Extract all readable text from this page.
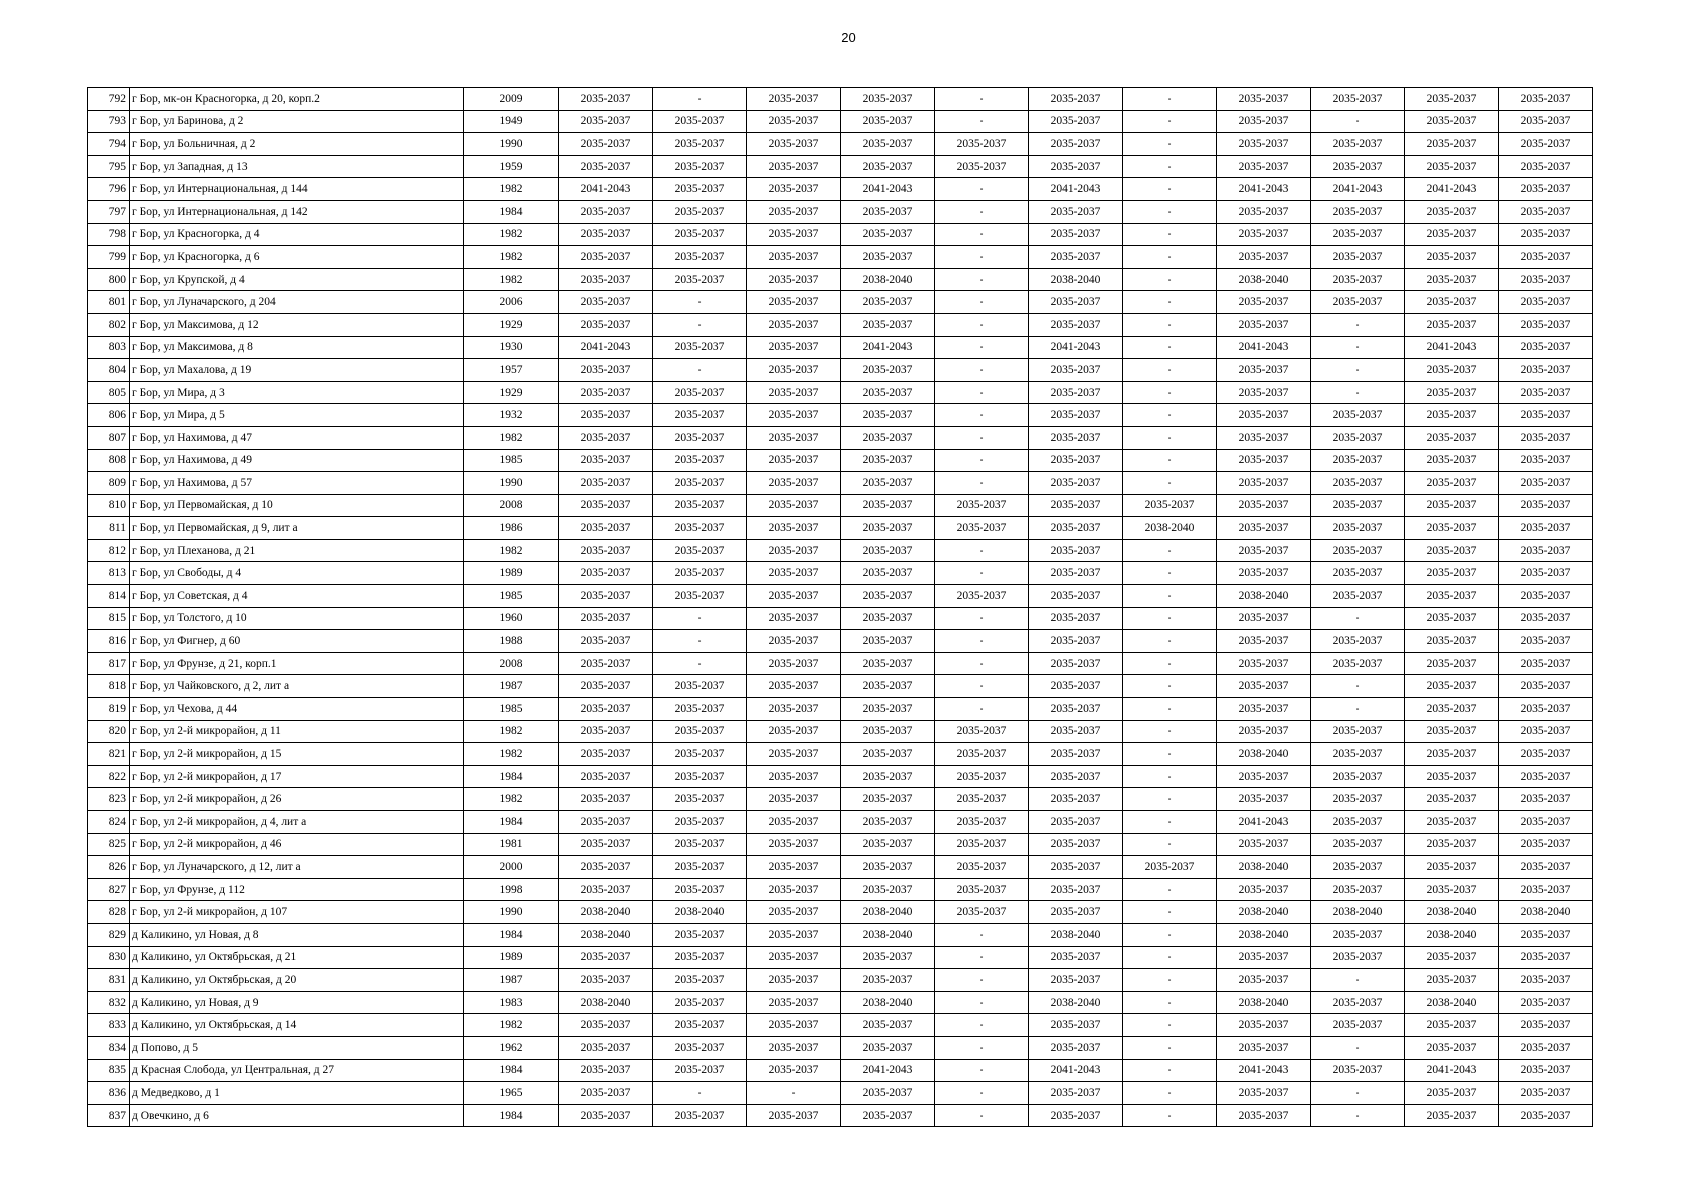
20
792	г Бор, мк-он Красногорка, д 20, корп.2	2009	2035-2037	-	2035-2037	2035-2037	-	2035-2037	-	2035-2037	2035-2037	2035-2037	2035-2037
793	г Бор, ул Баринова, д 2	1949	2035-2037	2035-2037	2035-2037	2035-2037	-	2035-2037	-	2035-2037	-	2035-2037	2035-2037
794	г Бор, ул Больничная, д 2	1990	2035-2037	2035-2037	2035-2037	2035-2037	2035-2037	2035-2037	-	2035-2037	2035-2037	2035-2037	2035-2037
795	г Бор, ул Западная, д 13	1959	2035-2037	2035-2037	2035-2037	2035-2037	2035-2037	2035-2037	-	2035-2037	2035-2037	2035-2037	2035-2037
796	г Бор, ул Интернациональная, д 144	1982	2041-2043	2035-2037	2035-2037	2041-2043	-	2041-2043	-	2041-2043	2041-2043	2041-2043	2035-2037
797	г Бор, ул Интернациональная, д 142	1984	2035-2037	2035-2037	2035-2037	2035-2037	-	2035-2037	-	2035-2037	2035-2037	2035-2037	2035-2037
798	г Бор, ул Красногорка, д 4	1982	2035-2037	2035-2037	2035-2037	2035-2037	-	2035-2037	-	2035-2037	2035-2037	2035-2037	2035-2037
799	г Бор, ул Красногорка, д 6	1982	2035-2037	2035-2037	2035-2037	2035-2037	-	2035-2037	-	2035-2037	2035-2037	2035-2037	2035-2037
800	г Бор, ул Крупской, д 4	1982	2035-2037	2035-2037	2035-2037	2038-2040	-	2038-2040	-	2038-2040	2035-2037	2035-2037	2035-2037
801	г Бор, ул Луначарского, д 204	2006	2035-2037	-	2035-2037	2035-2037	-	2035-2037	-	2035-2037	2035-2037	2035-2037	2035-2037
802	г Бор, ул Максимова, д 12	1929	2035-2037	-	2035-2037	2035-2037	-	2035-2037	-	2035-2037	-	2035-2037	2035-2037
803	г Бор, ул Максимова, д 8	1930	2041-2043	2035-2037	2035-2037	2041-2043	-	2041-2043	-	2041-2043	-	2041-2043	2035-2037
804	г Бор, ул Махалова, д 19	1957	2035-2037	-	2035-2037	2035-2037	-	2035-2037	-	2035-2037	-	2035-2037	2035-2037
805	г Бор, ул Мира, д 3	1929	2035-2037	2035-2037	2035-2037	2035-2037	-	2035-2037	-	2035-2037	-	2035-2037	2035-2037
806	г Бор, ул Мира, д 5	1932	2035-2037	2035-2037	2035-2037	2035-2037	-	2035-2037	-	2035-2037	2035-2037	2035-2037	2035-2037
807	г Бор, ул Нахимова, д 47	1982	2035-2037	2035-2037	2035-2037	2035-2037	-	2035-2037	-	2035-2037	2035-2037	2035-2037	2035-2037
808	г Бор, ул Нахимова, д 49	1985	2035-2037	2035-2037	2035-2037	2035-2037	-	2035-2037	-	2035-2037	2035-2037	2035-2037	2035-2037
809	г Бор, ул Нахимова, д 57	1990	2035-2037	2035-2037	2035-2037	2035-2037	-	2035-2037	-	2035-2037	2035-2037	2035-2037	2035-2037
810	г Бор, ул Первомайская, д 10	2008	2035-2037	2035-2037	2035-2037	2035-2037	2035-2037	2035-2037	2035-2037	2035-2037	2035-2037	2035-2037	2035-2037
811	г Бор, ул Первомайская, д 9, лит а	1986	2035-2037	2035-2037	2035-2037	2035-2037	2035-2037	2035-2037	2038-2040	2035-2037	2035-2037	2035-2037	2035-2037
812	г Бор, ул Плеханова, д 21	1982	2035-2037	2035-2037	2035-2037	2035-2037	-	2035-2037	-	2035-2037	2035-2037	2035-2037	2035-2037
813	г Бор, ул Свободы, д 4	1989	2035-2037	2035-2037	2035-2037	2035-2037	-	2035-2037	-	2035-2037	2035-2037	2035-2037	2035-2037
814	г Бор, ул Советская, д 4	1985	2035-2037	2035-2037	2035-2037	2035-2037	2035-2037	2035-2037	-	2038-2040	2035-2037	2035-2037	2035-2037
815	г Бор, ул Толстого, д 10	1960	2035-2037	-	2035-2037	2035-2037	-	2035-2037	-	2035-2037	-	2035-2037	2035-2037
816	г Бор, ул Фигнер, д 60	1988	2035-2037	-	2035-2037	2035-2037	-	2035-2037	-	2035-2037	2035-2037	2035-2037	2035-2037
817	г Бор, ул Фрунзе, д 21, корп.1	2008	2035-2037	-	2035-2037	2035-2037	-	2035-2037	-	2035-2037	2035-2037	2035-2037	2035-2037
818	г Бор, ул Чайковского, д 2, лит а	1987	2035-2037	2035-2037	2035-2037	2035-2037	-	2035-2037	-	2035-2037	-	2035-2037	2035-2037
819	г Бор, ул Чехова, д 44	1985	2035-2037	2035-2037	2035-2037	2035-2037	-	2035-2037	-	2035-2037	-	2035-2037	2035-2037
820	г Бор, ул 2-й микрорайон, д 11	1982	2035-2037	2035-2037	2035-2037	2035-2037	2035-2037	2035-2037	-	2035-2037	2035-2037	2035-2037	2035-2037
821	г Бор, ул 2-й микрорайон, д 15	1982	2035-2037	2035-2037	2035-2037	2035-2037	2035-2037	2035-2037	-	2038-2040	2035-2037	2035-2037	2035-2037
822	г Бор, ул 2-й микрорайон, д 17	1984	2035-2037	2035-2037	2035-2037	2035-2037	2035-2037	2035-2037	-	2035-2037	2035-2037	2035-2037	2035-2037
823	г Бор, ул 2-й микрорайон, д 26	1982	2035-2037	2035-2037	2035-2037	2035-2037	2035-2037	2035-2037	-	2035-2037	2035-2037	2035-2037	2035-2037
824	г Бор, ул 2-й микрорайон, д 4, лит а	1984	2035-2037	2035-2037	2035-2037	2035-2037	2035-2037	2035-2037	-	2041-2043	2035-2037	2035-2037	2035-2037
825	г Бор, ул 2-й микрорайон, д 46	1981	2035-2037	2035-2037	2035-2037	2035-2037	2035-2037	2035-2037	-	2035-2037	2035-2037	2035-2037	2035-2037
826	г Бор, ул Луначарского, д 12, лит а	2000	2035-2037	2035-2037	2035-2037	2035-2037	2035-2037	2035-2037	2035-2037	2038-2040	2035-2037	2035-2037	2035-2037
827	г Бор, ул Фрунзе, д 112	1998	2035-2037	2035-2037	2035-2037	2035-2037	2035-2037	2035-2037	-	2035-2037	2035-2037	2035-2037	2035-2037
828	г Бор, ул 2-й микрорайон, д 107	1990	2038-2040	2038-2040	2035-2037	2038-2040	2035-2037	2035-2037	-	2038-2040	2038-2040	2038-2040	2038-2040
829	д Каликино, ул Новая, д 8	1984	2038-2040	2035-2037	2035-2037	2038-2040	-	2038-2040	-	2038-2040	2035-2037	2038-2040	2035-2037
830	д Каликино, ул Октябрьская, д 21	1989	2035-2037	2035-2037	2035-2037	2035-2037	-	2035-2037	-	2035-2037	2035-2037	2035-2037	2035-2037
831	д Каликино, ул Октябрьская, д 20	1987	2035-2037	2035-2037	2035-2037	2035-2037	-	2035-2037	-	2035-2037	-	2035-2037	2035-2037
832	д Каликино, ул Новая, д 9	1983	2038-2040	2035-2037	2035-2037	2038-2040	-	2038-2040	-	2038-2040	2035-2037	2038-2040	2035-2037
833	д Каликино, ул Октябрьская, д 14	1982	2035-2037	2035-2037	2035-2037	2035-2037	-	2035-2037	-	2035-2037	2035-2037	2035-2037	2035-2037
834	д Попово, д 5	1962	2035-2037	2035-2037	2035-2037	2035-2037	-	2035-2037	-	2035-2037	-	2035-2037	2035-2037
835	д Красная Слобода, ул Центральная, д 27	1984	2035-2037	2035-2037	2035-2037	2041-2043	-	2041-2043	-	2041-2043	2035-2037	2041-2043	2035-2037
836	д Медведково, д 1	1965	2035-2037	-	-	2035-2037	-	2035-2037	-	2035-2037	-	2035-2037	2035-2037
837	д Овечкино, д 6	1984	2035-2037	2035-2037	2035-2037	2035-2037	-	2035-2037	-	2035-2037	-	2035-2037	2035-2037
